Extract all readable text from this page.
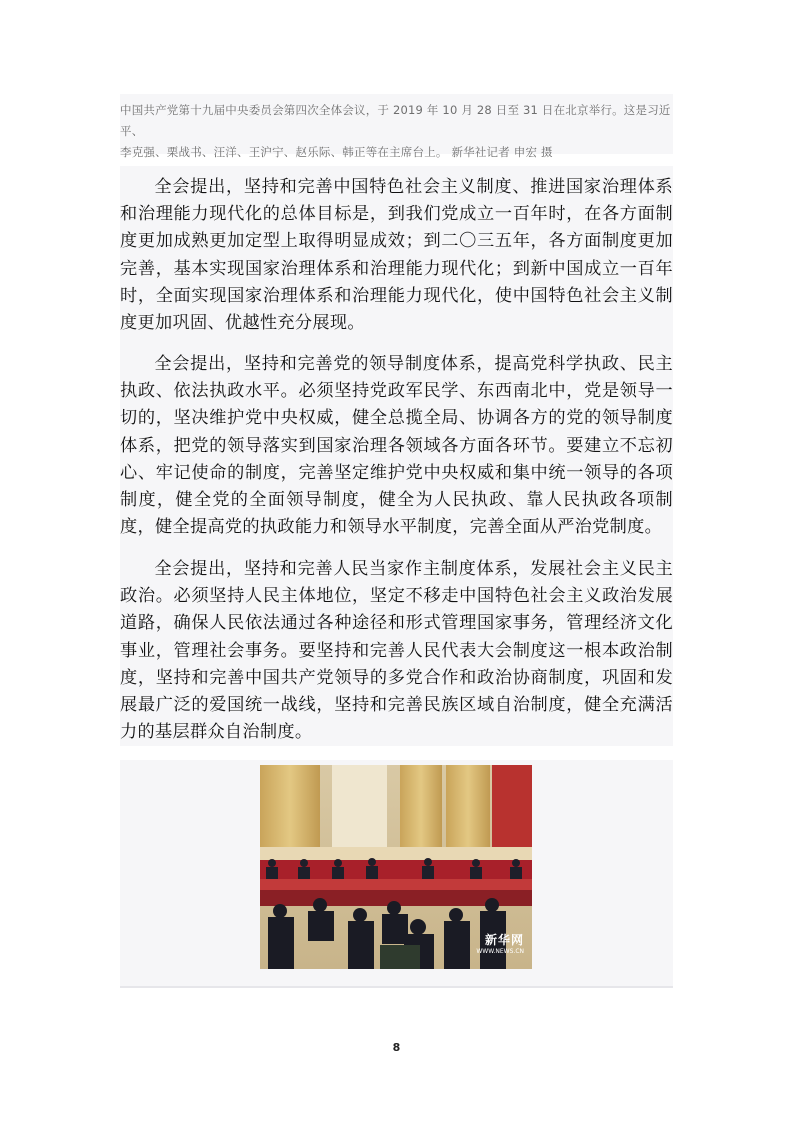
中国共产党第十九届中央委员会第四次全体会议，于 2019 年 10 月 28 日至 31 日在北京举行。这是习近平、

李克强、栗战书、汪洋、王沪宁、赵乐际、韩正等在主席台上。 新华社记者 申宏 摄

全会提出，坚持和完善中国特色社会主义制度、推进国家治理体系和治理能力现代化的总体目标是，到我们党成立一百年时，在各方面制度更加成熟更加定型上取得明显成效；到二〇三五年，各方面制度更加完善，基本实现国家治理体系和治理能力现代化；到新中国成立一百年时，全面实现国家治理体系和治理能力现代化，使中国特色社会主义制度更加巩固、优越性充分展现。

全会提出，坚持和完善党的领导制度体系，提高党科学执政、民主执政、依法执政水平。必须坚持党政军民学、东西南北中，党是领导一切的，坚决维护党中央权威，健全总揽全局、协调各方的党的领导制度体系，把党的领导落实到国家治理各领域各方面各环节。要建立不忘初心、牢记使命的制度，完善坚定维护党中央权威和集中统一领导的各项制度，健全党的全面领导制度，健全为人民执政、靠人民执政各项制度，健全提高党的执政能力和领导水平制度，完善全面从严治党制度。

全会提出，坚持和完善人民当家作主制度体系，发展社会主义民主政治。必须坚持人民主体地位，坚定不移走中国特色社会主义政治发展道路，确保人民依法通过各种途径和形式管理国家事务，管理经济文化事业，管理社会事务。要坚持和完善人民代表大会制度这一根本政治制度，坚持和完善中国共产党领导的多党合作和政治协商制度，巩固和发展最广泛的爱国统一战线，坚持和完善民族区域自治制度，健全充满活力的基层群众自治制度。

新华网
WWW.NEWS.CN
8
